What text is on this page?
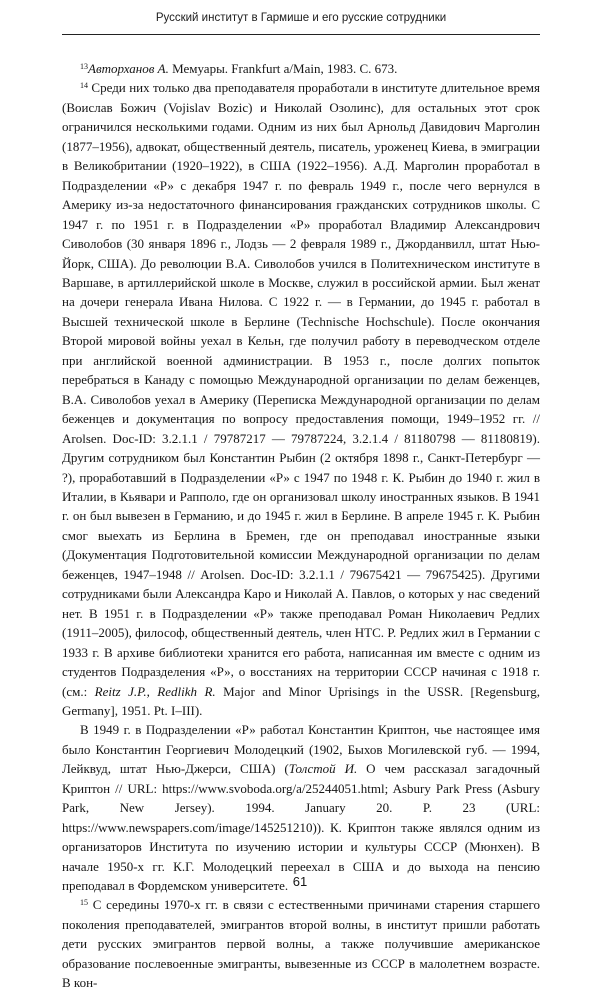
Русский институт в Гармише и его русские сотрудники

$^{13}$Авторханов А. Мемуары. Frankfurt a/Main, 1983. С. 673.

$^{14}$ Среди них только два преподавателя проработали в институте длительное время (Воислав Божич (Vojislav Bozic) и Николай Озолинс), для остальных этот срок ограничился несколькими годами. Одним из них был Арнольд Давидович Марголин (1877–1956), адвокат, общественный деятель, писатель, уроженец Киева, в эмиграции в Великобритании (1920–1922), в США (1922–1956). А.Д. Марголин проработал в Подразделении «Р» с декабря 1947 г. по февраль 1949 г., после чего вернулся в Америку из-за недостаточного финансирования гражданских сотрудников школы. С 1947 г. по 1951 г. в Подразделении «Р» проработал Владимир Александрович Сиволобов (30 января 1896 г., Лодзь — 2 февраля 1989 г., Джорданвилл, штат Нью-Йорк, США). До революции В.А. Сиволобов учился в Политехническом институте в Варшаве, в артиллерийской школе в Москве, служил в российской армии. Был женат на дочери генерала Ивана Нилова. С 1922 г. — в Германии, до 1945 г. работал в Высшей технической школе в Берлине (Technische Hochschule). После окончания Второй мировой войны уехал в Кельн, где получил работу в переводческом отделе при английской военной администрации. В 1953 г., после долгих попыток перебраться в Канаду с помощью Международной организации по делам беженцев, В.А. Сиволобов уехал в Америку (Переписка Международной организации по делам беженцев и документация по вопросу предоставления помощи, 1949–1952 гг. // Arolsen. Doc-ID: 3.2.1.1 / 79787217 — 79787224, 3.2.1.4 / 81180798 — 81180819). Другим сотрудником был Константин Рыбин (2 октября 1898 г., Санкт-Петербург — ?), проработавший в Подразделении «Р» с 1947 по 1948 г. К. Рыбин до 1940 г. жил в Италии, в Кьявари и Рапполо, где он организовал школу иностранных языков. В 1941 г. он был вывезен в Германию, и до 1945 г. жил в Берлине. В апреле 1945 г. К. Рыбин смог выехать из Берлина в Бремен, где он преподавал иностранные языки (Документация Подготовительной комиссии Международной организации по делам беженцев, 1947–1948 // Arolsen. Doc-ID: 3.2.1.1 / 79675421 — 79675425). Другими сотрудниками были Александра Каро и Николай А. Павлов, о которых у нас сведений нет. В 1951 г. в Подразделении «Р» также преподавал Роман Николаевич Редлих (1911–2005), философ, общественный деятель, член НТС. Р. Редлих жил в Германии с 1933 г. В архиве библиотеки хранится его работа, написанная им вместе с одним из студентов Подразделения «Р», о восстаниях на территории СССР начиная с 1918 г. (см.: Reitz J.P., Redlikh R. Major and Minor Uprisings in the USSR. [Regensburg, Germany], 1951. Pt. I–III).

В 1949 г. в Подразделении «Р» работал Константин Криптон, чье настоящее имя было Константин Георгиевич Молодецкий (1902, Быхов Могилевской губ. — 1994, Лейквуд, штат Нью-Джерси, США) (Толстой И. О чем рассказал загадочный Криптон // URL: https://www.svoboda.org/a/25244051.html; Asbury Park Press (Asbury Park, New Jersey). 1994. January 20. P. 23 (URL: https://www.newspapers.com/image/145251210)). К. Криптон также являлся одним из организаторов Института по изучению истории и культуры СССР (Мюнхен). В начале 1950-х гг. К.Г. Молодецкий переехал в США и до выхода на пенсию преподавал в Фордемском университете.

$^{15}$ С середины 1970-х гг. в связи с естественными причинами старения старшего поколения преподавателей, эмигрантов второй волны, в институт пришли работать дети русских эмигрантов первой волны, а также получившие американское образование послевоенные эмигранты, вывезенные из СССР в малолетнем возрасте. В кон-

61
